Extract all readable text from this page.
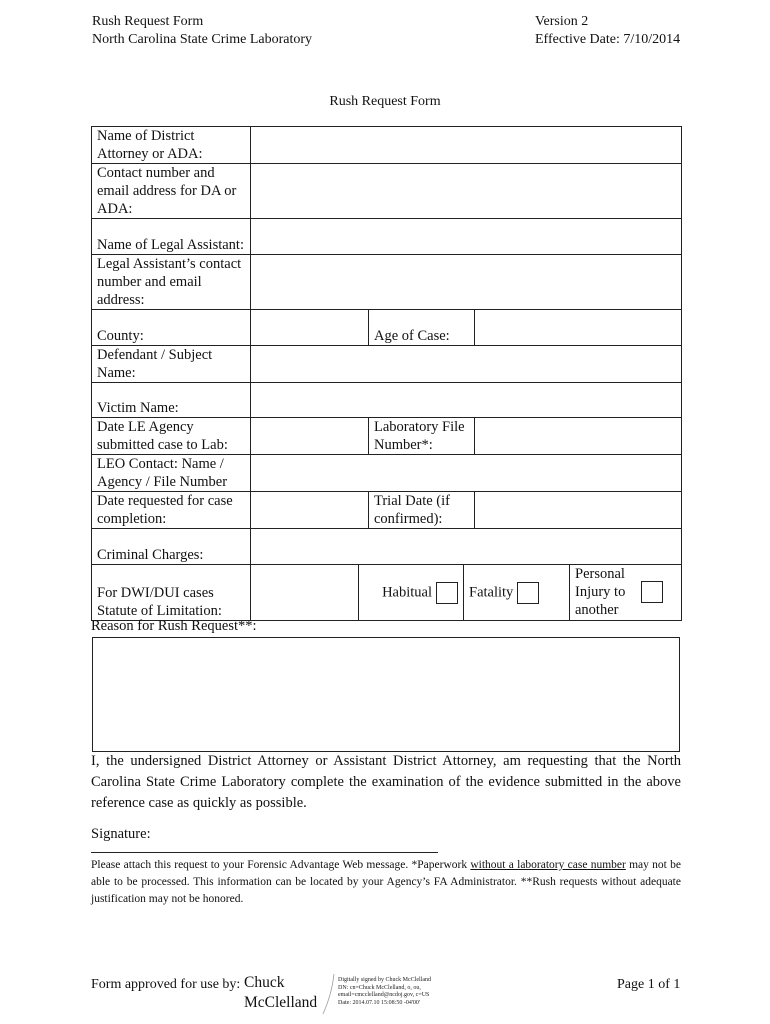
Rush Request Form
North Carolina State Crime Laboratory
Version 2
Effective Date: 7/10/2014
Rush Request Form
Name of District Attorney or ADA:						
Contact number and email address for DA or ADA:						
Name of Legal Assistant:						
Legal Assistant’s contact number and email address:						
County:			Age of Case:			
Defendant / Subject Name:						
Victim Name:						
Date LE Agency submitted case to Lab:			Laboratory File Number*:			
LEO Contact: Name / Agency / File Number						
Date requested for case completion:			Trial Date (if confirmed):			
Criminal Charges:						

For DWI/DUI cases
Statute of Limitation:		Habitual		Fatality		Personal Injury to another
Reason for Rush Request**:
I, the undersigned District Attorney or Assistant District Attorney, am requesting that the North Carolina State Crime Laboratory complete the examination of the evidence submitted in the above reference case as quickly as possible.
Signature:
Please attach this request to your Forensic Advantage Web message. *Paperwork without a laboratory case number may not be able to be processed. This information can be located by your Agency’s FA Administrator. **Rush requests without adequate justification may not be honored.
Form approved for use by: Chuck
McClelland
Digitally signed by Chuck McClelland
DN: cn=Chuck McClelland, o, ou,
email=cmcclelland@ncdoj.gov, c=US
Date: 2014.07.10 15:08:50 -04'00'
Page 1 of 1
